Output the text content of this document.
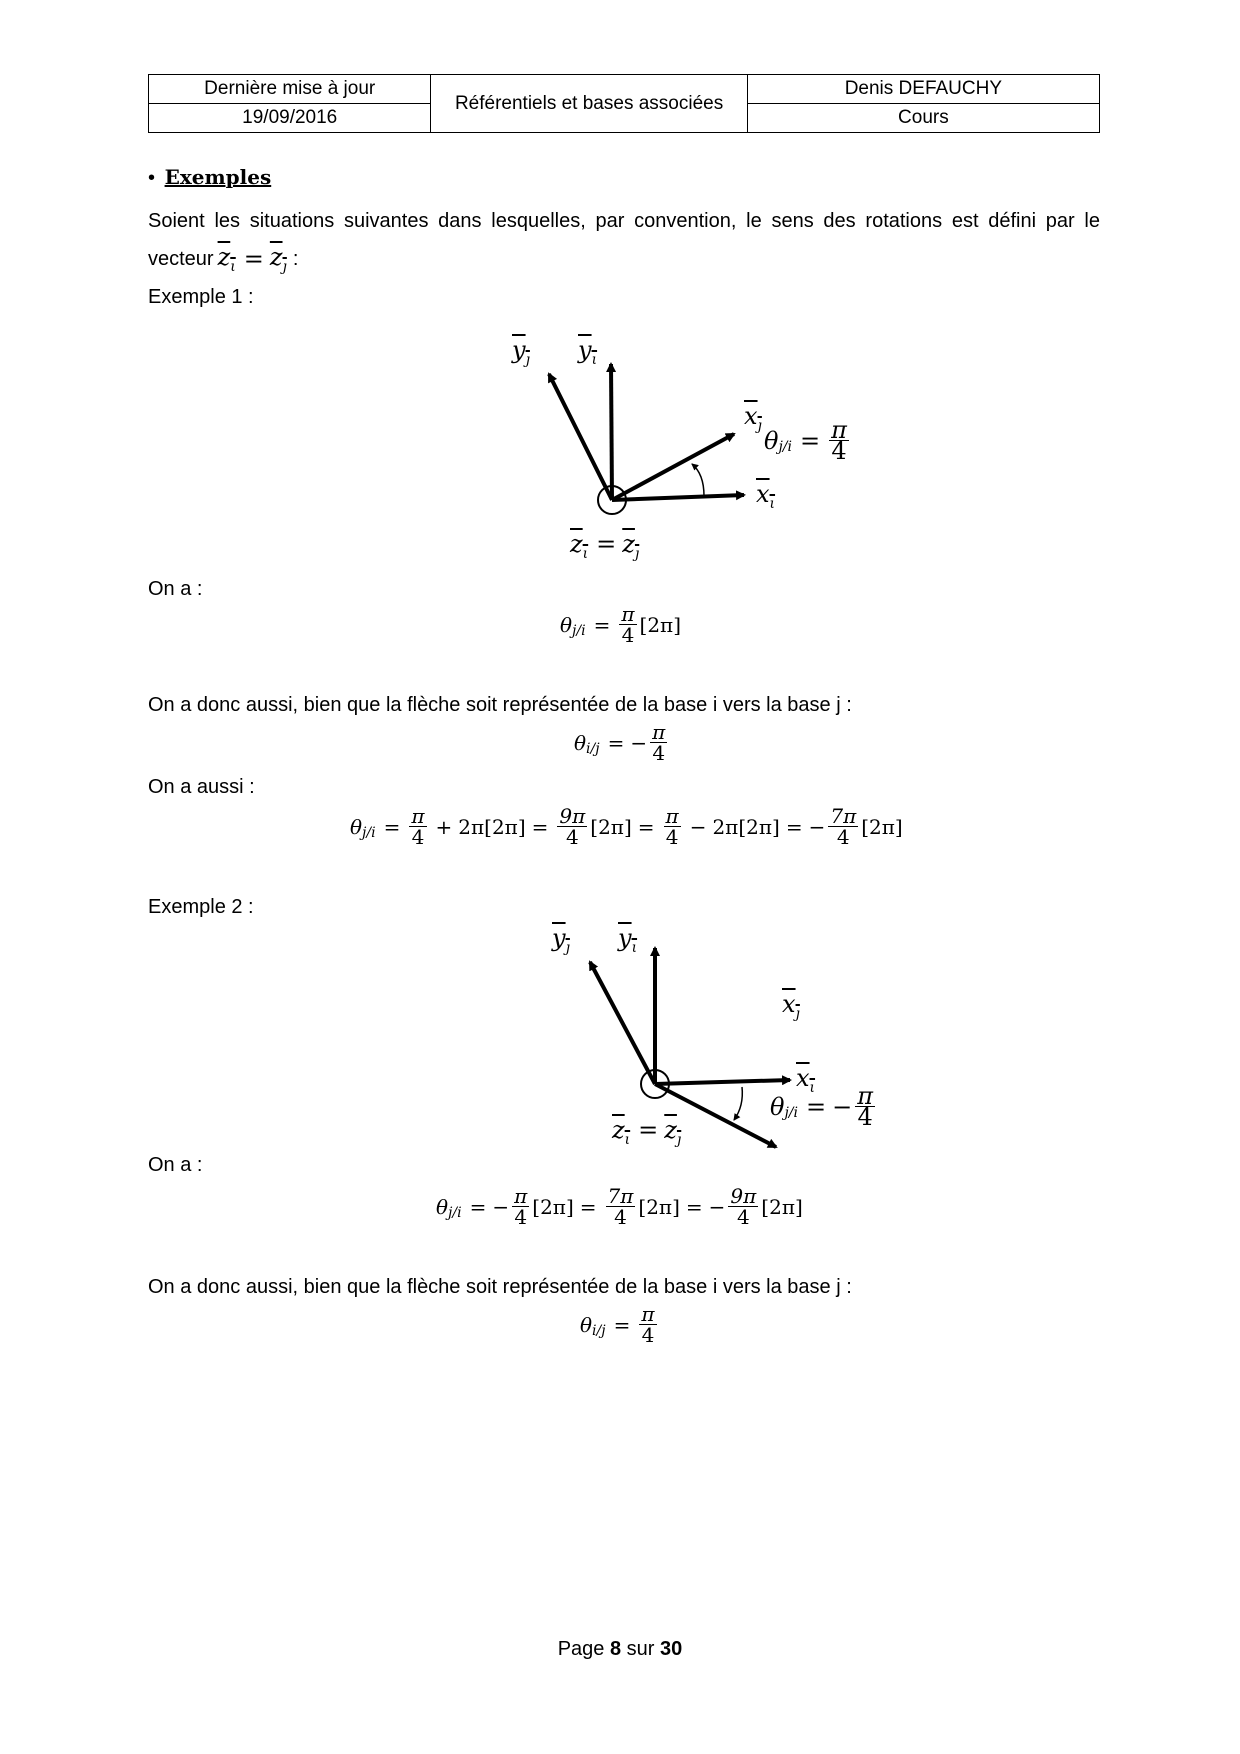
Dernière mise à jour	Référentiels et bases associées	Denis DEFAUCHY
19/09/2016		Cours
• Exemples
Soient les situations suivantes dans lesquelles, par convention, le sens des rotations est défini par le
vecteur $z_\iota = z_ȷ$ :
Exemple 1 :
$y_ȷ$ $y_\iota$
$x_ȷ$
$x_\iota$
$z_\iota = z_ȷ$
θ $j/i = \frac{\pi}{4}$
On a :
θ $j/i = \frac{\pi}{4} [2\pi]$
On a donc aussi, bien que la flèche soit représentée de la base i vers la base j :
θ i/j = − $\frac{\pi}{4}$
On a aussi :
θ $j/i = \frac{\pi}{4} + 2\pi$ $[2\pi] = \frac{9\pi}{4} [2\pi] = \frac{\pi}{4} - 2\pi$ [2π] = − $\frac{7\pi}{4} [2\pi]$
Exemple 2 :
$y_ȷ$ $y_\iota$
$x_ȷ$
$x_\iota$
$z_\iota = z_ȷ$
θ j/i = − $\frac{\pi}{4}$
On a :
θ j/i = − $\frac{\pi}{4} [2\pi] = \frac{7\pi}{4} [2\pi]$ = − $\frac{9\pi}{4} [2\pi]$
On a donc aussi, bien que la flèche soit représentée de la base i vers la base j :
θ $i/j = \frac{\pi}{4}$
Page 8 sur 30
